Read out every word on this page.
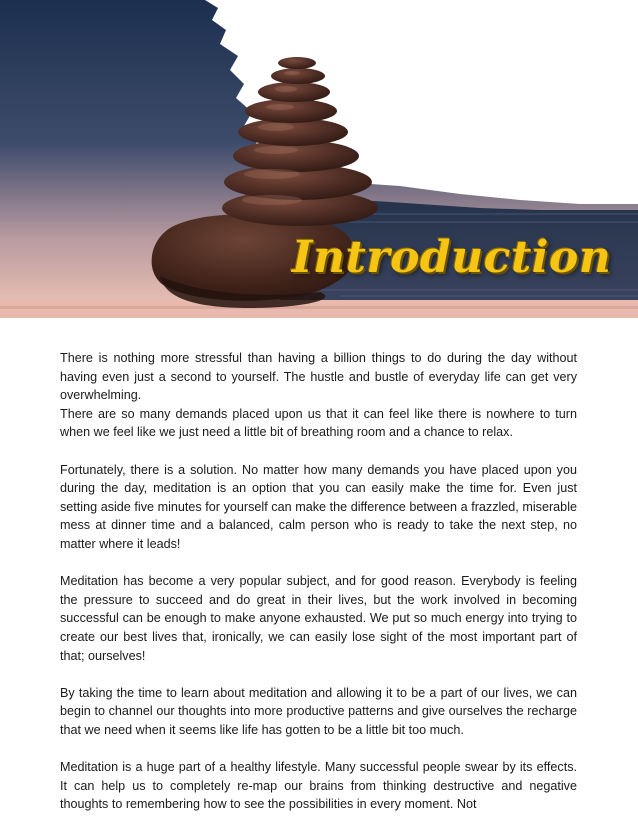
Introduction

There is nothing more stressful than having a billion things to do during the day without having even just a second to yourself. The hustle and bustle of everyday life can get very overwhelming.

There are so many demands placed upon us that it can feel like there is nowhere to turn when we feel like we just need a little bit of breathing room and a chance to relax.

Fortunately, there is a solution. No matter how many demands you have placed upon you during the day, meditation is an option that you can easily make the time for. Even just setting aside five minutes for yourself can make the difference between a frazzled, miserable mess at dinner time and a balanced, calm person who is ready to take the next step, no matter where it leads!

Meditation has become a very popular subject, and for good reason. Everybody is feeling the pressure to succeed and do great in their lives, but the work involved in becoming successful can be enough to make anyone exhausted. We put so much energy into trying to create our best lives that, ironically, we can easily lose sight of the most important part of that; ourselves!

By taking the time to learn about meditation and allowing it to be a part of our lives, we can begin to channel our thoughts into more productive patterns and give ourselves the recharge that we need when it seems like life has gotten to be a little bit too much.

Meditation is a huge part of a healthy lifestyle. Many successful people swear by its effects. It can help us to completely re-map our brains from thinking destructive and negative thoughts to remembering how to see the possibilities in every moment. Not
